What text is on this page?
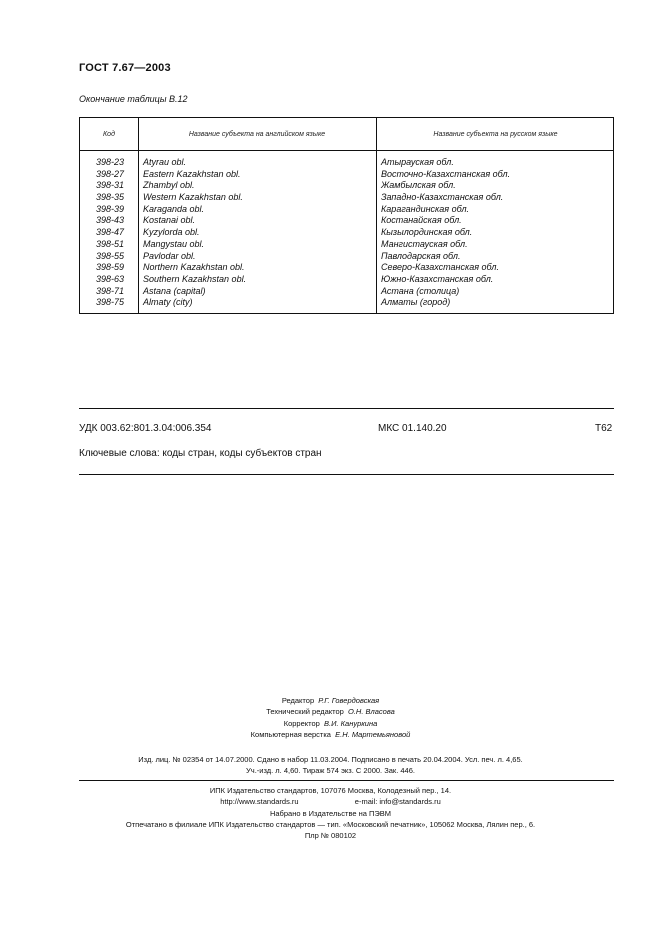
ГОСТ 7.67—2003
Окончание таблицы В.12
Код	Название субъекта на английском языке	Название субъекта на русском языке
398-23 Atyrau obl.	Атырауская обл.
398-27 Eastern Kazakhstan obl.	Восточно-Казахстанская обл.
398-31 Zhambyl obl.	Жамбылская обл.
398-35 Western Kazakhstan obl.	Западно-Казахстанская обл.
398-39 Karaganda obl.	Карагандинская обл.
398-43 Kostanai obl.	Костанайская обл.
398-47 Kyzylorda obl.	Кызылординская обл.
398-51 Mangystau obl.	Мангистауская обл.
398-55 Pavlodar obl.	Павлодарская обл.
398-59 Northern Kazakhstan obl.	Северо-Казахстанская обл.
398-63 Southern Kazakhstan obl.	Южно-Казахстанская обл.
398-71 Astana (capital)	Астана (столица)
398-75 Almaty (city)	Алматы (город)
УДК 003.62:801.3.04:006.354	МКС 01.140.20	Т62
Ключевые слова: коды стран, коды субъектов стран
Редактор Р.Г. Говердовская
Технический редактор О.Н. Власова
Корректор В.И. Кануркина
Компьютерная верстка Е.Н. Мартемьяновой
Изд. лиц. № 02354 от 14.07.2000. Сдано в набор 11.03.2004. Подписано в печать 20.04.2004. Усл. печ. л. 4,65.
Уч.-изд. л. 4,60. Тираж 574 экз. С 2000. Зак. 446.
ИПК Издательство стандартов, 107076 Москва, Колодезный пер., 14.
http://www.standards.ru	e-mail: info@standards.ru
Набрано в Издательстве на ПЭВМ
Отпечатано в филиале ИПК Издательство стандартов — тип. «Московский печатник», 105062 Москва, Лялин пер., 6.
Плр № 080102
